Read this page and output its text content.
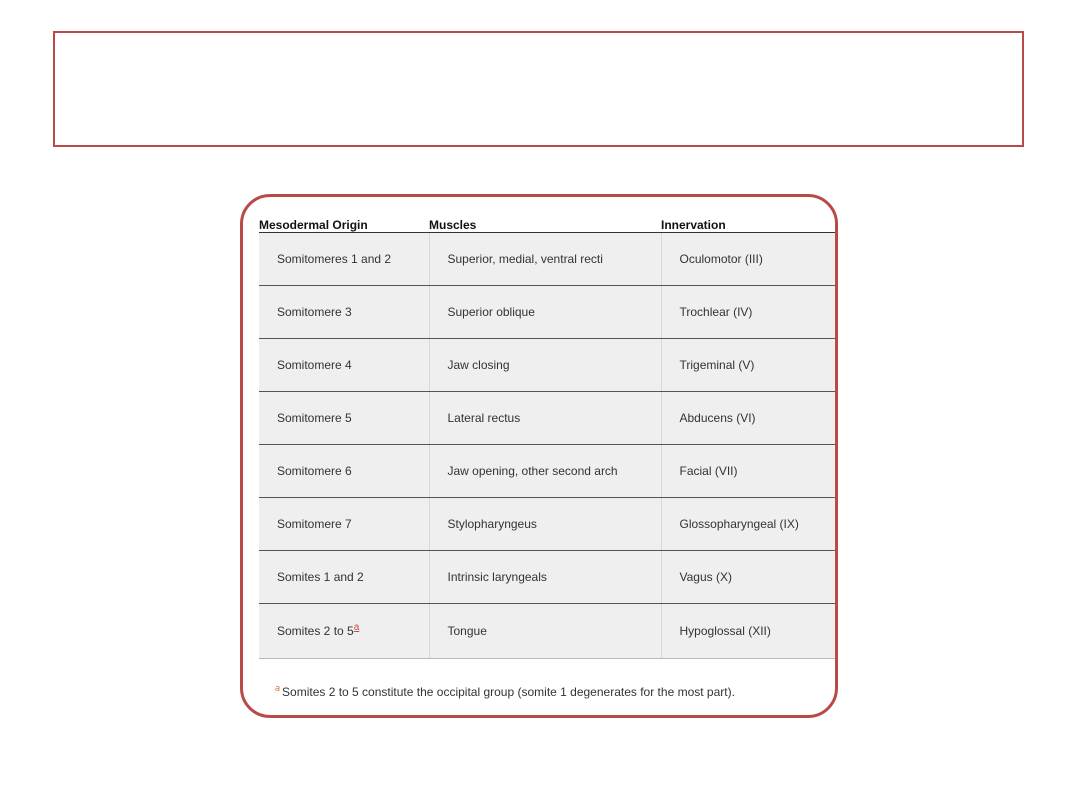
Mesodermal Origin	Muscles	Innervation
Somitomeres 1 and 2	Superior, medial, ventral recti	Oculomotor (III)
Somitomere 3	Superior oblique	Trochlear (IV)
Somitomere 4	Jaw closing	Trigeminal (V)
Somitomere 5	Lateral rectus	Abducens (VI)
Somitomere 6	Jaw opening, other second arch	Facial (VII)
Somitomere 7	Stylopharyngeus	Glossopharyngeal (IX)
Somites 1 and 2	Intrinsic laryngeals	Vagus (X)
Somites 2 to 5$^a$	Tongue	Hypoglossal (XII)
$^a$ Somites 2 to 5 constitute the occipital group (somite 1 degenerates for the most part).
